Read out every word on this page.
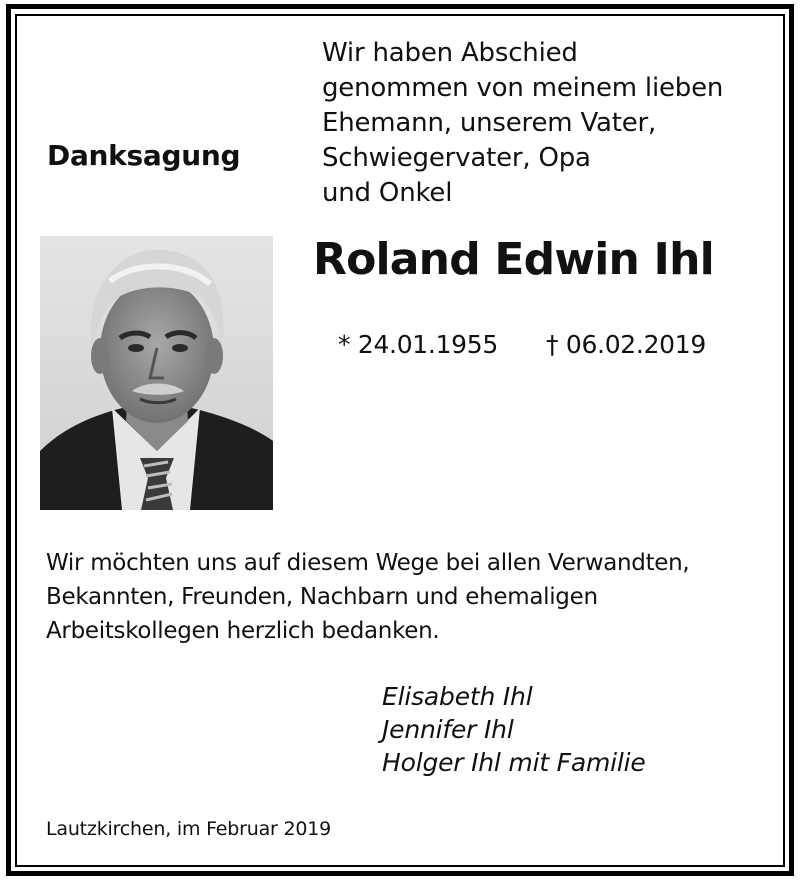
Danksagung

Wir haben Abschied
genommen von meinem lieben
Ehemann, unserem Vater,
Schwiegervater, Opa
und Onkel

Roland Edwin Ihl
* 24.01.1955 † 06.02.2019

Wir möchten uns auf diesem Wege bei allen Verwandten,
Bekannten, Freunden, Nachbarn und ehemaligen
Arbeitskollegen herzlich bedanken.

Elisabeth Ihl
Jennifer Ihl
Holger Ihl mit Familie
Lautzkirchen, im Februar 2019
